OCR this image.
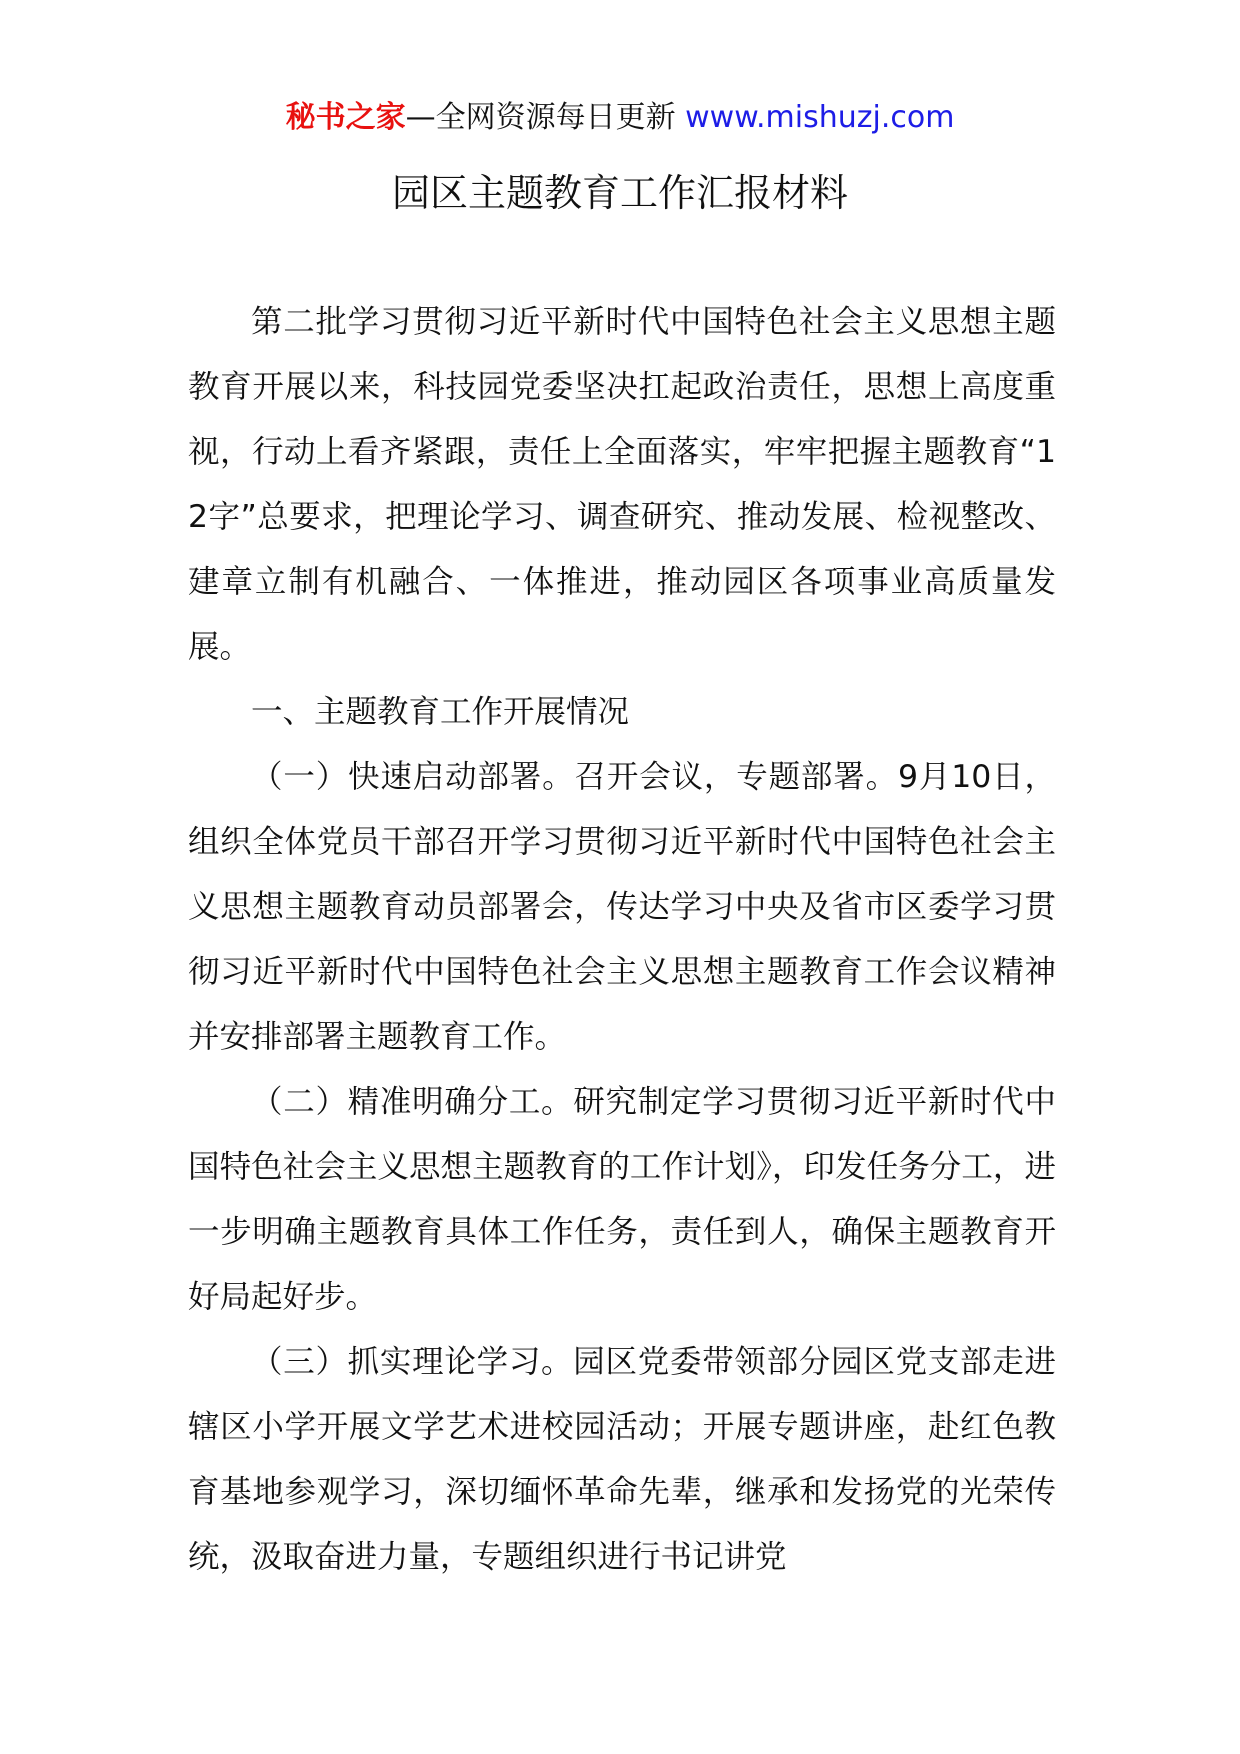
秘书之家—全网资源每日更新 www.mishuzj.com
园区主题教育工作汇报材料

第二批学习贯彻习近平新时代中国特色社会主义思想主题教育开展以来，科技园党委坚决扛起政治责任，思想上高度重视，行动上看齐紧跟，责任上全面落实，牢牢把握主题教育“12字”总要求，把理论学习、调查研究、推动发展、检视整改、建章立制有机融合、一体推进，推动园区各项事业高质量发展。

一、主题教育工作开展情况

（一）快速启动部署。召开会议，专题部署。9月10日，组织全体党员干部召开学习贯彻习近平新时代中国特色社会主义思想主题教育动员部署会，传达学习中央及省市区委学习贯彻习近平新时代中国特色社会主义思想主题教育工作会议精神并安排部署主题教育工作。

（二）精准明确分工。研究制定学习贯彻习近平新时代中国特色社会主义思想主题教育的工作计划》，印发任务分工，进一步明确主题教育具体工作任务，责任到人，确保主题教育开好局起好步。

（三）抓实理论学习。园区党委带领部分园区党支部走进辖区小学开展文学艺术进校园活动；开展专题讲座，赴红色教育基地参观学习，深切缅怀革命先辈，继承和发扬党的光荣传统，汲取奋进力量，专题组织进行书记讲党
